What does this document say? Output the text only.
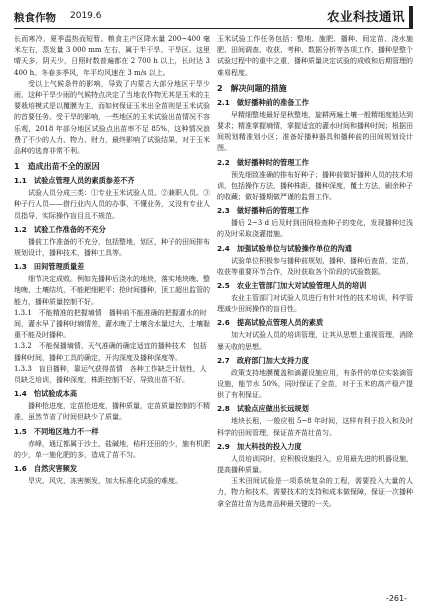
粮食作物 2019.6	农业科技通讯

长而寒冷，夏季温热而短暂。粮食主产区降水量 200~400 毫米左右，蒸发量 3 000 mm 左右，属于半干旱、干旱区。这里晴天多，阴天少，日照时数普遍都在 2 700 h 以上，长时达 3 400 h。冬春多季风，年平均风速在 3 m/s 以上。

受以上气候条件的影响，导致了内蒙古大部分地区干旱少雨，这种干旱少雨的气候特点决定了当地农作物无其是玉米的主要栽培模式是以覆膜为主，而如何保证玉米出全苗则是玉米试验的首要任务。受干旱的影响，一些地区的玉米试验出苗情况不容乐观，2018 年部分地区试验点出苗率不足 85%，这种情况浪费了不少的人力、物力、财力，最终影响了试验结果，对于玉米品种的选育非常不利。

1　造成出苗不全的原因
1.1　试验点管理人员的素质参差不齐

试验人员分成三类：①专业玉米试验人员。②兼职人员。③种子行人员——借行业内人员的办事，不懂业务，又没有专业人员指导，实际操作盲目且不规范。

1.2　试验工作准备的不充分

播前工作准备的不充分，包括整地，划区，种子的田间排布规划设计，播种技术，播种工具等。

1.3　田间管理质量差

细节决定成败。例如先播种后浇水的地块，落实地块晚、整地晚，土壤结坑，不能耙细耙平；抢时间播种，顶工超出监管的能力，播种质量控制不好。

1.3.1　不能精准的把握墒情　播种前不能准确的把握灌水的时间，灌水早了播种时墒情差，灌水晚了土壤含水量过大，土壤黏重不能及时播种。
1.3.2　不能保播墒情、天气准确的确定适宜的播种技术　包括播种时间，播种工具的确定，开沟深度及播种深度等。
1.3.3　盲目播种，靠运气获得苗情　各种工作缺乏计划性，人员缺乏培训，播种深度，株距控制不好，导致出苗不好。
1.4　怕试验成本高

播种抢进度，定苗抢进度，播种质量，定苗质量控制的不精准，虽然节省了时间但缺少了质量。

1.5　不同地区地力不一样

赤峰，通辽都属于沙土，盐碱地，秸秆还田的少，施有机肥的少，单一施化肥的多，造成了苗不匀。

1.6　自然灾害频发

旱灾、风灾、冻害频发，加大标准化试验的难度。

玉米试验工作任务包括：整地、施肥、播种、间定苗、浇水施肥、田间调查、收获、考种、数据分析等各项工作，播种是整个试验过程中的重中之重，播种质量决定试验的成败和后期管理的难易程度。

2　解决问题的措施
2.1　做好播种前的准备工作

早精细整地最好是秋整地，旋耕两遍土壤一般精细度能达到要求；精准掌握墒情，掌握适宜的灌水时间和播种时间；根据田间规划精准划小区；准备好播种器具和播种前的田间规划设计图。

2.2　做好播种时的管理工作

预先细致准确的排布好种子；播种前做好播种人员的技术培训，包括操作方法，播种株距，播种深度，覆土方法，刷余种子的收藏；做好播期做严谨的监督工作。

2.3　做好播种后的管理工作

播后 2~3 d 后及时到田间检查种子的变化，发现播种过浅的及时采取浇灌措施。

2.4　加强试验单位与试验操作单位的沟通

试验单位积极参与播种前规划、播种、播种后查苗，定苗，收获等重要环节合作，及时获取各个阶段的试验数据。

2.5　农业主管部门加大对试验管理人员的培训

农业主管部门对试验人员进行有针对性的技术培训，科学管理减少田间操作的盲目性。

2.6　提高试验点管理人员的素质

加大对试验人员的培训管理，让其从思想上重视管理，消除暴天收的思想。

2.7　政府部门加大支持力度

政策支持地膜覆盖和滴灌设施应用，有条件的单位实装滴管设施，能节水 50%，同时保证了全苗，对于玉米的高产稳产提供了有利保证。

2.8　试验点应做出长远规划

地块长租，一般应租 5~8 年时间，这样有利于投入和及时科学的田间管理，保证苗齐苗壮苗匀。

2.9　加大科技的投入力度

人员培训同时，应积极设施投入，应用最先进的机器设施，提高播种质量。

玉米田间试验是一项系统复杂的工程，需要投入大量的人力，物力和技术，需要技术的支持和成本做保障，保证一次播种拿全苗壮苗为选育品种最关键的一关。

-261-
